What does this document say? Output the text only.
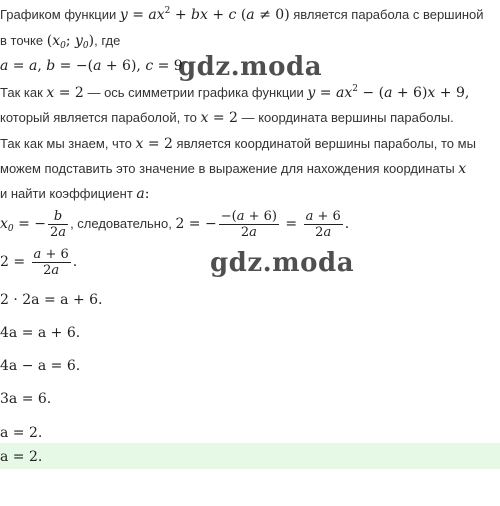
Графиком функции $y = ax^2$ + bx + c (a ≠ 0) является парабола с вершиной
в точке ($x_0$; $y_0$), где
a = a, b = −(a + 6), c = 9
gdz.moda
Так как x = 2 — ось симметрии графика функции $y = ax^2 - (a + 6)x + 9$,
который является параболой, то x = 2 — координата вершины параболы.
Так как мы знаем, что x = 2 является координатой вершины параболы, то мы
можем подставить это значение в выражение для нахождения координаты x
и найти коэффициент a:
$x_0$ = − $\frac{b}{2a}$ , следовательно, 2 = − $\frac{-(a + 6)}{2a} = \frac{a + 6}{2a}$ .
$2 = \frac{a + 6}{2a}$ .	gdz.moda
2 · 2a = a + 6.
4a = a + 6.
4a − a = 6.
3a = 6.
a = 2.
a = 2.
